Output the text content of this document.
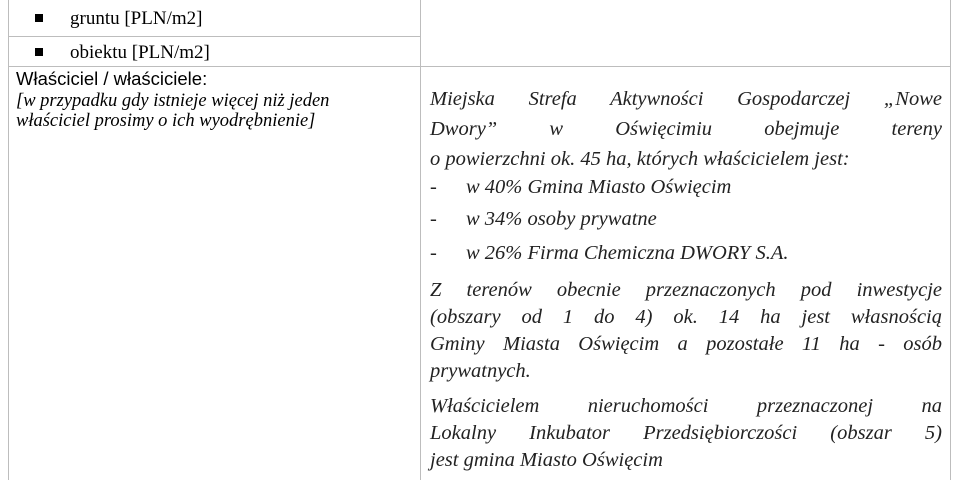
gruntu [PLN/m2]
obiektu [PLN/m2]
Właściciel / właściciele:
[w przypadku gdy istnieje więcej niż jeden
właściciel prosimy o ich wyodrębnienie]
Miejska Strefa Aktywności Gospodarczej „Nowe
Dwory” w Oświęcimiu obejmuje tereny
o powierzchni ok. 45 ha, których właścicielem jest:
- w 40% Gmina Miasto Oświęcim
- w 34% osoby prywatne
- w 26% Firma Chemiczna DWORY S.A.
Z terenów obecnie przeznaczonych pod inwestycje
(obszary od 1 do 4) ok. 14 ha jest własnością
Gminy Miasta Oświęcim a pozostałe 11 ha - osób
prywatnych.
Właścicielem nieruchomości przeznaczonej na
Lokalny Inkubator Przedsiębiorczości (obszar 5)
jest gmina Miasto Oświęcim
